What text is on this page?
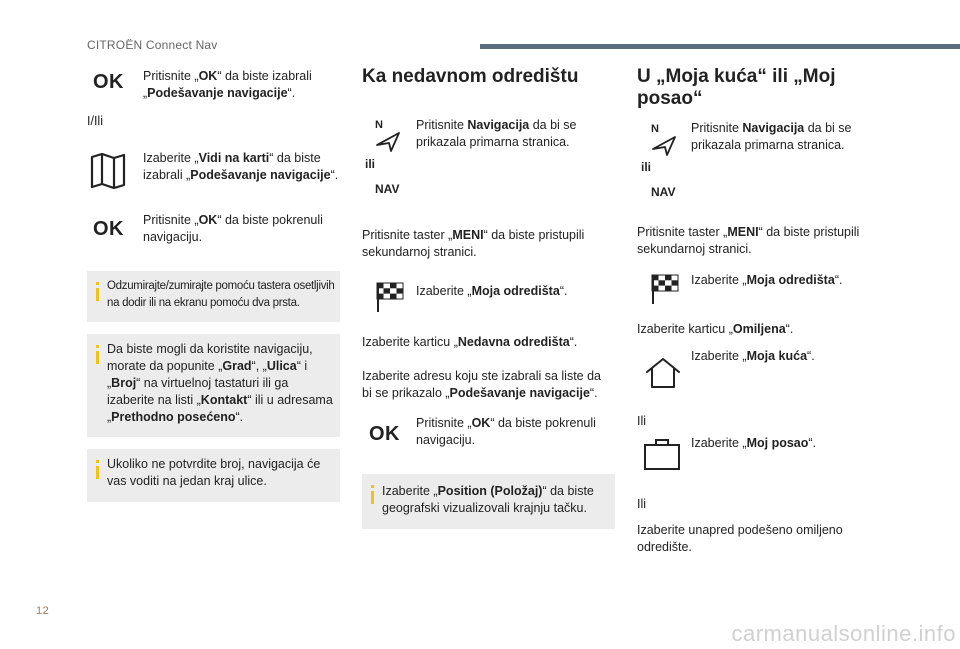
CITROËN Connect Nav
OK Pritisnite „OK“ da biste izabrali „Podešavanje navigacije“.
I/Ili
Izaberite „Vidi na karti“ da biste izabrali „Podešavanje navigacije“.
OK Pritisnite „OK“ da biste pokrenuli navigaciju.
Odzumirajte/zumirajte pomoću tastera osetljivih na dodir ili na ekranu pomoću dva prsta.
Da biste mogli da koristite navigaciju, morate da popunite „Grad“, „Ulica“ i „Broj“ na virtuelnoj tastaturi ili ga izaberite na listi „Kontakt“ ili u adresama „Prethodno posećeno“.
Ukoliko ne potvrdite broj, navigacija će vas voditi na jedan kraj ulice.
Ka nedavnom odredištu
N
ili
NAV
Pritisnite Navigacija da bi se prikazala primarna stranica.
Pritisnite taster „MENI“ da biste pristupili sekundarnoj stranici.
Izaberite „Moja odredišta“.
Izaberite karticu „Nedavna odredišta“.
Izaberite adresu koju ste izabrali sa liste da bi se prikazalo „Podešavanje navigacije“.
OK Pritisnite „OK“ da biste pokrenuli navigaciju.
Izaberite „Position (Položaj)“ da biste geografski vizualizovali krajnju tačku.
U „Moja kuća“ ili „Moj
posao“
N
ili
NAV
Pritisnite Navigacija da bi se prikazala primarna stranica.
Pritisnite taster „MENI“ da biste pristupili sekundarnoj stranici.
Izaberite „Moja odredišta“.
Izaberite karticu „Omiljena“.
Izaberite „Moja kuća“.
Ili
Izaberite „Moj posao“.
Ili
Izaberite unapred podešeno omiljeno odredište.
12
carmanualsonline.info
